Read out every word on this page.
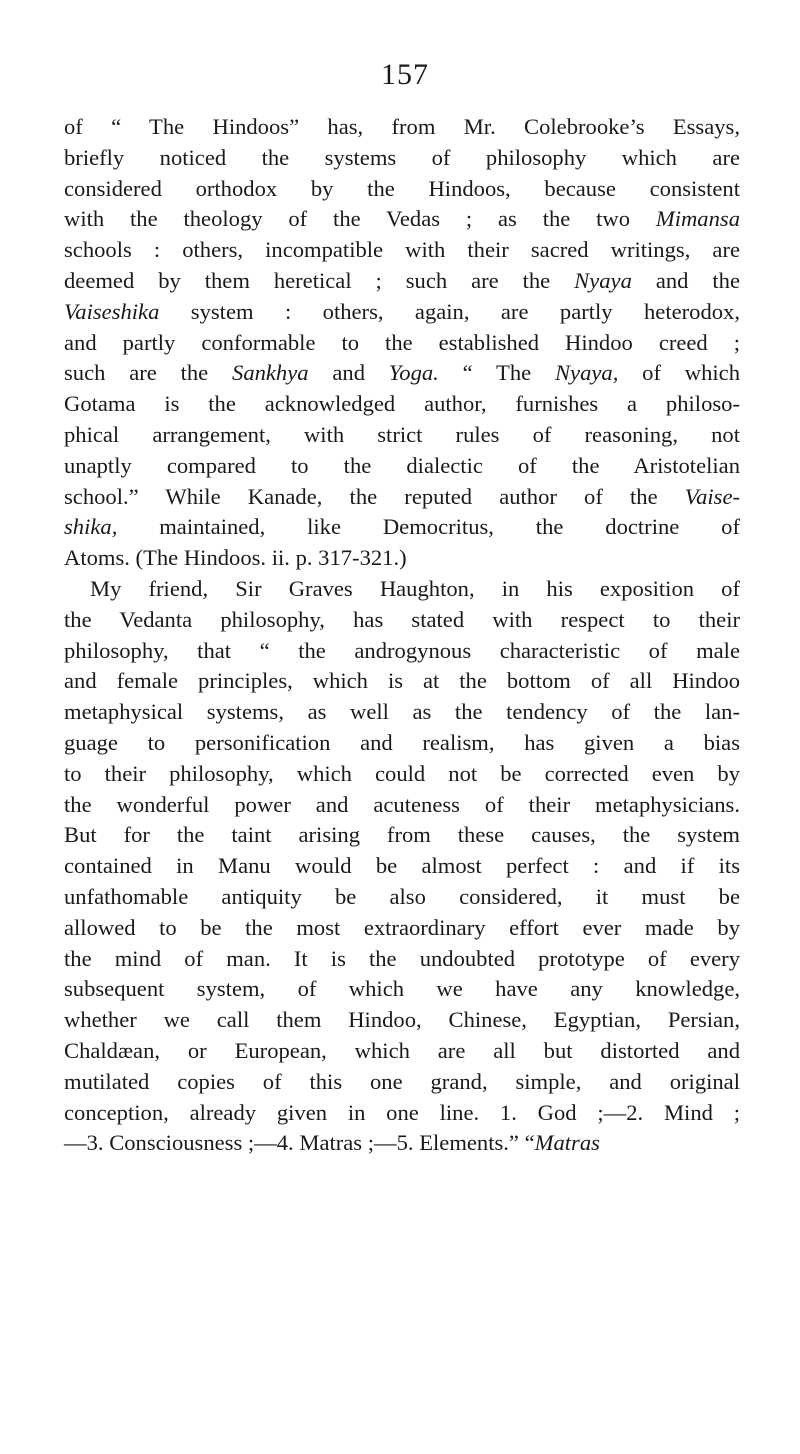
157
of “ The Hindoos” has, from Mr. Colebrooke’s Essays,
briefly noticed the systems of philosophy which are
considered orthodox by the Hindoos, because consistent
with the theology of the Vedas ; as the two Mimansa
schools : others, incompatible with their sacred writings, are
deemed by them heretical ; such are the Nyaya and the
Vaiseshika system : others, again, are partly heterodox,
and partly conformable to the established Hindoo creed ;
such are the Sankhya and Yoga. “ The Nyaya, of which
Gotama is the acknowledged author, furnishes a philoso-
phical arrangement, with strict rules of reasoning, not
unaptly compared to the dialectic of the Aristotelian
school.” While Kanade, the reputed author of the Vaise-
shika, maintained, like Democritus, the doctrine of
Atoms. (The Hindoos. ii. p. 317-321.)
My friend, Sir Graves Haughton, in his exposition of
the Vedanta philosophy, has stated with respect to their
philosophy, that “ the androgynous characteristic of male
and female principles, which is at the bottom of all Hindoo
metaphysical systems, as well as the tendency of the lan-
guage to personification and realism, has given a bias
to their philosophy, which could not be corrected even by
the wonderful power and acuteness of their metaphysicians.
But for the taint arising from these causes, the system
contained in Manu would be almost perfect : and if its
unfathomable antiquity be also considered, it must be
allowed to be the most extraordinary effort ever made by
the mind of man. It is the undoubted prototype of every
subsequent system, of which we have any knowledge,
whether we call them Hindoo, Chinese, Egyptian, Persian,
Chaldæan, or European, which are all but distorted and
mutilated copies of this one grand, simple, and original
conception, already given in one line. 1. God ;—2. Mind ;
—3. Consciousness ;—4. Matras ;—5. Elements.” “Matras
